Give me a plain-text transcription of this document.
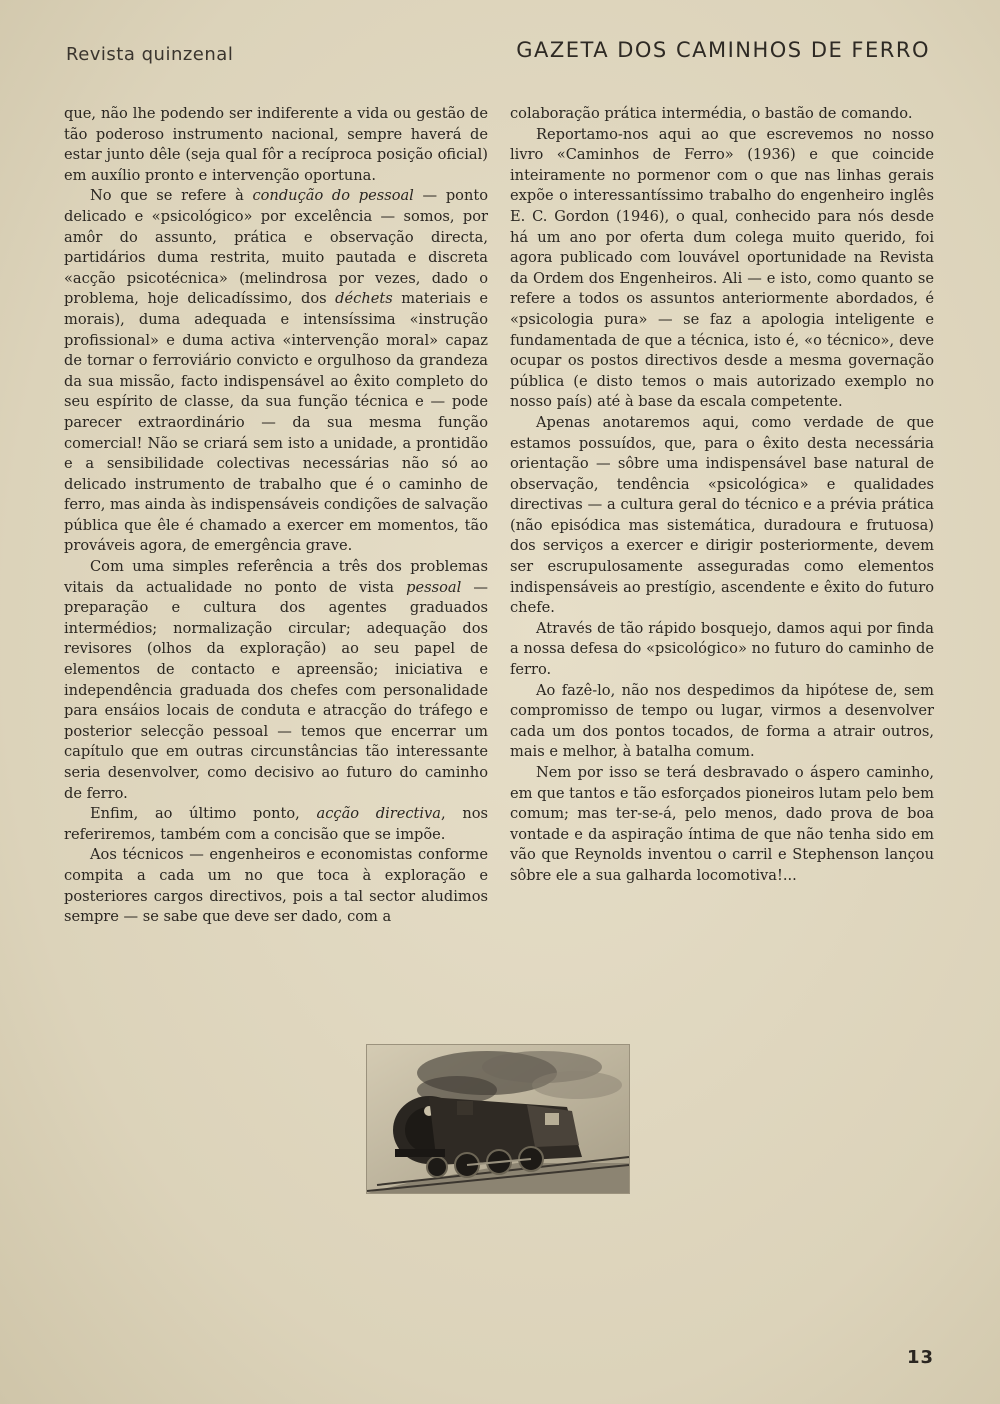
Revista quinzenal	GAZETA DOS CAMINHOS DE FERRO

que, não lhe podendo ser indiferente a vida ou gestão de tão poderoso instrumento nacional, sempre haverá de estar junto dêle (seja qual fôr a recíproca posição oficial) em auxílio pronto e intervenção oportuna.

No que se refere à condução do pessoal — ponto delicado e «psicológico» por excelência — somos, por amôr do assunto, prática e observação directa, partidários duma restrita, muito pautada e discreta «acção psicotécnica» (melindrosa por vezes, dado o problema, hoje delicadíssimo, dos déchets materiais e morais), duma adequada e intensíssima «instrução profissional» e duma activa «intervenção moral» capaz de tornar o ferroviário convicto e orgulhoso da grandeza da sua missão, facto indispensável ao êxito completo do seu espírito de classe, da sua função técnica e — pode parecer extraordinário — da sua mesma função comercial! Não se criará sem isto a unidade, a prontidão e a sensibilidade colectivas necessárias não só ao delicado instrumento de trabalho que é o caminho de ferro, mas ainda às indispensáveis condições de salvação pública que êle é chamado a exercer em momentos, tão prováveis agora, de emergência grave.

Com uma simples referência a três dos problemas vitais da actualidade no ponto de vista pessoal — preparação e cultura dos agentes graduados intermédios; normalização circular; adequação dos revisores (olhos da exploração) ao seu papel de elementos de contacto e apreensão; iniciativa e independência graduada dos chefes com personalidade para ensáios locais de conduta e atracção do tráfego e posterior selecção pessoal — temos que encerrar um capítulo que em outras circunstâncias tão interessante seria desenvolver, como decisivo ao futuro do caminho de ferro.

Enfim, ao último ponto, acção directiva, nos referiremos, também com a concisão que se impõe.

Aos técnicos — engenheiros e economistas conforme compita a cada um no que toca à exploração e posteriores cargos directivos, pois a tal sector aludimos sempre — se sabe que deve ser dado, com a

colaboração prática intermédia, o bastão de comando.

Reportamo-nos aqui ao que escrevemos no nosso livro «Caminhos de Ferro» (1936) e que coincide inteiramente no pormenor com o que nas linhas gerais expõe o interessantíssimo trabalho do engenheiro inglês E. C. Gordon (1946), o qual, conhecido para nós desde há um ano por oferta dum colega muito querido, foi agora publicado com louvável oportunidade na Revista da Ordem dos Engenheiros. Ali — e isto, como quanto se refere a todos os assuntos anteriormente abordados, é «psicologia pura» — se faz a apologia inteligente e fundamentada de que a técnica, isto é, «o técnico», deve ocupar os postos directivos desde a mesma governação pública (e disto temos o mais autorizado exemplo no nosso país) até à base da escala competente.

Apenas anotaremos aqui, como verdade de que estamos possuídos, que, para o êxito desta necessária orientação — sôbre uma indispensável base natural de observação, tendência «psicológica» e qualidades directivas — a cultura geral do técnico e a prévia prática (não episódica mas sistemática, duradoura e frutuosa) dos serviços a exercer e dirigir posteriormente, devem ser escrupulosamente asseguradas como elementos indispensáveis ao prestígio, ascendente e êxito do futuro chefe.

Através de tão rápido bosquejo, damos aqui por finda a nossa defesa do «psicológico» no futuro do caminho de ferro.

Ao fazê-lo, não nos despedimos da hipótese de, sem compromisso de tempo ou lugar, virmos a desenvolver cada um dos pontos tocados, de forma a atrair outros, mais e melhor, à batalha comum.

Nem por isso se terá desbravado o áspero caminho, em que tantos e tão esforçados pioneiros lutam pelo bem comum; mas ter-se-á, pelo menos, dado prova de boa vontade e da aspiração íntima de que não tenha sido em vão que Reynolds inventou o carril e Stephenson lançou sôbre ele a sua galharda locomotiva!...

13
